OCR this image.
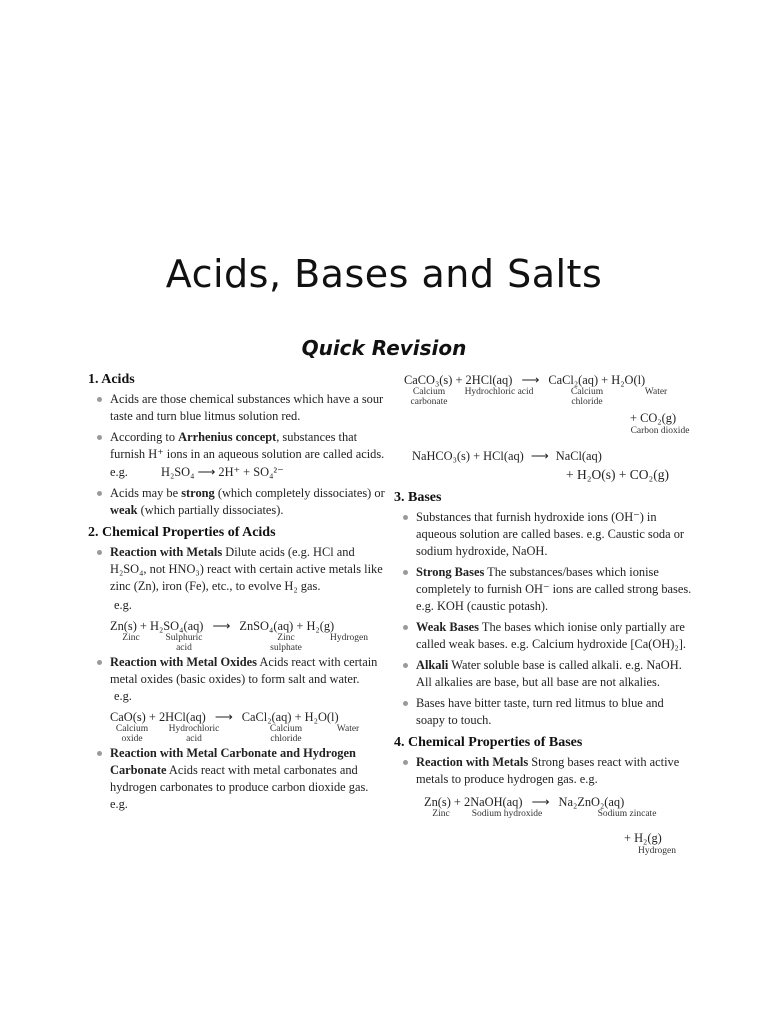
Acids, Bases and Salts
Quick Revision
1. Acids
Acids are those chemical substances which have a sour taste and turn blue litmus solution red.
According to Arrhenius concept, substances that furnish H⁺ ions in an aqueous solution are called acids.
e.g.	H₂SO₄ ⟶ 2H⁺ + SO₄²⁻
Acids may be strong (which completely dissociates) or weak (which partially dissociates).
2. Chemical Properties of Acids
Reaction with Metals Dilute acids (e.g. HCl and H₂SO₄, not HNO₃) react with certain active metals like zinc (Zn), iron (Fe), etc., to evolve H₂ gas.
e.g.
Zn(s) + H₂SO₄(aq) ⟶ ZnSO₄(aq) + H₂(g)
Zinc	Sulphuric acid
Zinc sulphate
Hydrogen
Reaction with Metal Oxides Acids react with certain metal oxides (basic oxides) to form salt and water.
e.g.
CaO(s) + 2HCl(aq) ⟶ CaCl₂(aq) + H₂O(l)
Calcium oxide
Hydrochloric acid
Calcium chloride
Water
Reaction with Metal Carbonate and Hydrogen Carbonate Acids react with metal carbonates and hydrogen carbonates to produce carbon dioxide gas. e.g.
CaCO₃(s) + 2HCl(aq) ⟶ CaCl₂(aq) + H₂O(l)
Calcium carbonate
Hydrochloric acid	Calcium chloride
Water
+ CO₂(g)
Carbon dioxide
NaHCO₃(s) + HCl(aq) ⟶ NaCl(aq)
+ H₂O(s) + CO₂(g)
3. Bases
Substances that furnish hydroxide ions (OH⁻) in aqueous solution are called bases. e.g. Caustic soda or sodium hydroxide, NaOH.
Strong Bases The substances/bases which ionise completely to furnish OH⁻ ions are called strong bases. e.g. KOH (caustic potash).
Weak Bases The bases which ionise only partially are called weak bases. e.g. Calcium hydroxide [Ca(OH)₂].
Alkali Water soluble base is called alkali. e.g. NaOH. All alkalies are base, but all base are not alkalies.
Bases have bitter taste, turn red litmus to blue and soapy to touch.
4. Chemical Properties of Bases
Reaction with Metals Strong bases react with active metals to produce hydrogen gas. e.g.
Zn(s) + 2NaOH(aq) ⟶ Na₂ZnO₂(aq)
Zinc	Sodium hydroxide	Sodium zincate
+ H₂(g)
Hydrogen
